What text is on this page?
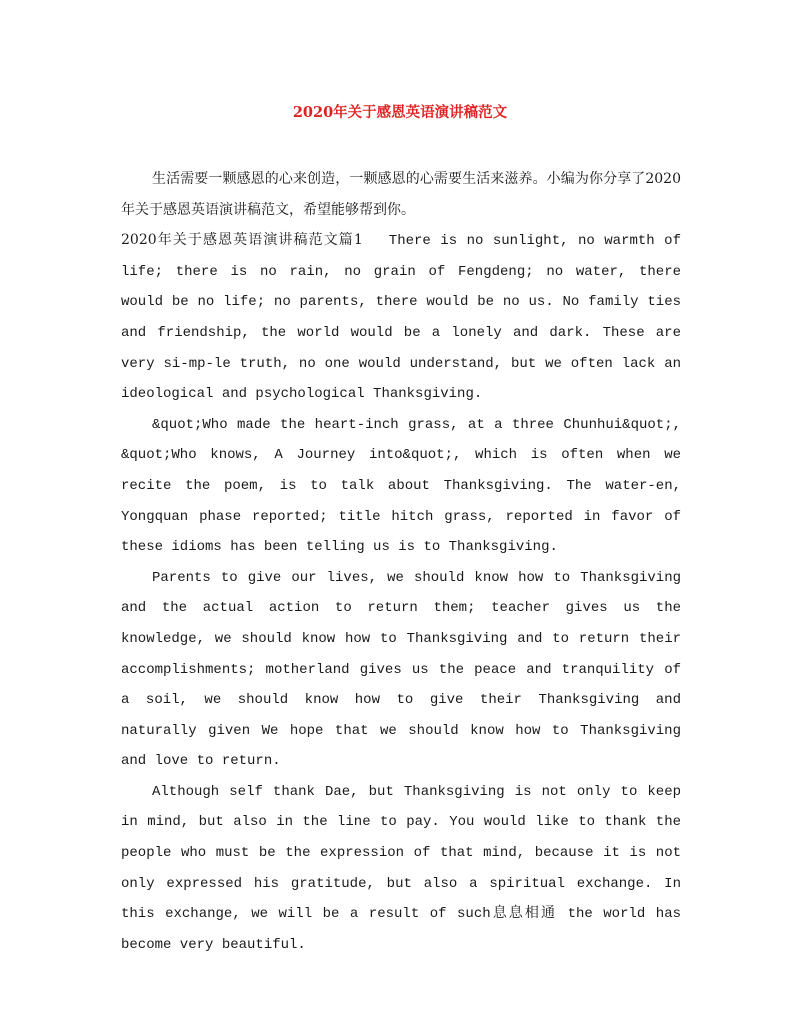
2020年关于感恩英语演讲稿范文

生活需要一颗感恩的心来创造，一颗感恩的心需要生活来滋养。小编为你分享了2020年关于感恩英语演讲稿范文，希望能够帮到你。

2020年关于感恩英语演讲稿范文篇1 There is no sunlight, no warmth of life; there is no rain, no grain of Fengdeng; no water, there would be no life; no parents, there would be no us. No family ties and friendship, the world would be a lonely and dark. These are very si-mp-le truth, no one would understand, but we often lack an ideological and psychological Thanksgiving.

&quot;Who made the heart-inch grass, at a three Chunhui&quot;, &quot;Who knows, A Journey into&quot;, which is often when we recite the poem, is to talk about Thanksgiving. The water-en, Yongquan phase reported; title hitch grass, reported in favor of these idioms has been telling us is to Thanksgiving.

Parents to give our lives, we should know how to Thanksgiving and the actual action to return them; teacher gives us the knowledge, we should know how to Thanksgiving and to return their accomplishments; motherland gives us the peace and tranquility of a soil, we should know how to give their Thanksgiving and naturally given We hope that we should know how to Thanksgiving and love to return.

Although self thank Dae, but Thanksgiving is not only to keep in mind, but also in the line to pay. You would like to thank the people who must be the expression of that mind, because it is not only expressed his gratitude, but also a spiritual exchange. In this exchange, we will be a result of such息息相通 the world has become very beautiful.
